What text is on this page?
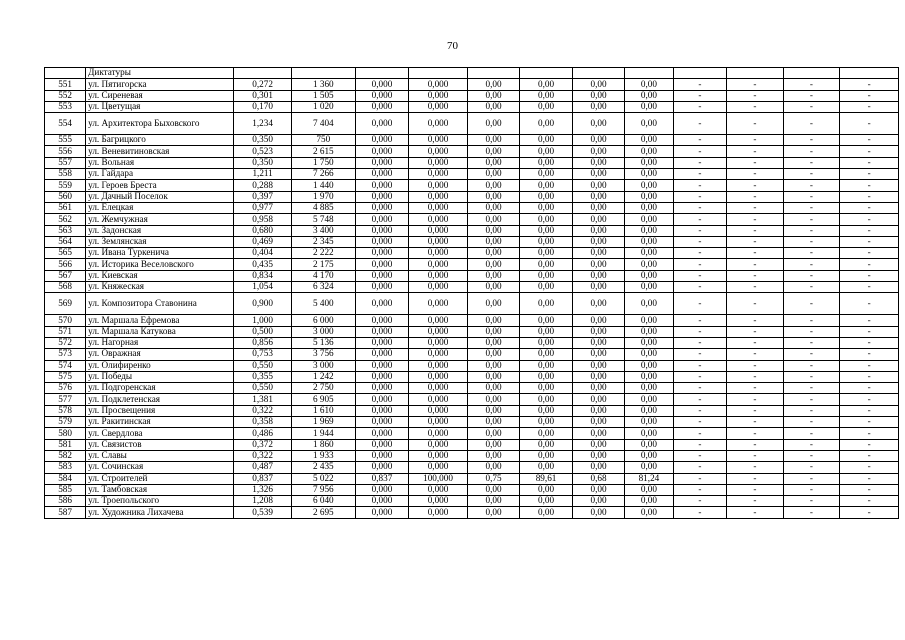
70
	Диктатуры												
551	ул. Пятигорска	0,272	1 360	0,000	0,000	0,00	0,00	0,00	0,00	-	-	-	-
552	ул. Сиреневая	0,301	1 505	0,000	0,000	0,00	0,00	0,00	0,00	-	-	-	-
553	ул. Цветущая	0,170	1 020	0,000	0,000	0,00	0,00	0,00	0,00	-	-	-	-
554	ул. Архитектора Быховского	1,234	7 404	0,000	0,000	0,00	0,00	0,00	0,00	-	-	-	-
555	ул. Багрицкого	0,350	750	0,000	0,000	0,00	0,00	0,00	0,00	-	-	-	-
556	ул. Веневитиновская	0,523	2 615	0,000	0,000	0,00	0,00	0,00	0,00	-	-	-	-
557	ул. Вольная	0,350	1 750	0,000	0,000	0,00	0,00	0,00	0,00	-	-	-	-
558	ул. Гайдара	1,211	7 266	0,000	0,000	0,00	0,00	0,00	0,00	-	-	-	-
559	ул. Героев Бреста	0,288	1 440	0,000	0,000	0,00	0,00	0,00	0,00	-	-	-	-
560	ул. Дачный Поселок	0,397	1 970	0,000	0,000	0,00	0,00	0,00	0,00	-	-	-	-
561	ул. Елецкая	0,977	4 885	0,000	0,000	0,00	0,00	0,00	0,00	-	-	-	-
562	ул. Жемчужная	0,958	5 748	0,000	0,000	0,00	0,00	0,00	0,00	-	-	-	-
563	ул. Задонская	0,680	3 400	0,000	0,000	0,00	0,00	0,00	0,00	-	-	-	-
564	ул. Землянская	0,469	2 345	0,000	0,000	0,00	0,00	0,00	0,00	-	-	-	-
565	ул. Ивана Туркенича	0,404	2 222	0,000	0,000	0,00	0,00	0,00	0,00	-	-	-	-
566	ул. Историка Веселовского	0,435	2 175	0,000	0,000	0,00	0,00	0,00	0,00	-	-	-	-
567	ул. Киевская	0,834	4 170	0,000	0,000	0,00	0,00	0,00	0,00	-	-	-	-
568	ул. Княжеская	1,054	6 324	0,000	0,000	0,00	0,00	0,00	0,00	-	-	-	-
569	ул. Композитора Ставонина	0,900	5 400	0,000	0,000	0,00	0,00	0,00	0,00	-	-	-	-
570	ул. Маршала Ефремова	1,000	6 000	0,000	0,000	0,00	0,00	0,00	0,00	-	-	-	-
571	ул. Маршала Катукова	0,500	3 000	0,000	0,000	0,00	0,00	0,00	0,00	-	-	-	-
572	ул. Нагорная	0,856	5 136	0,000	0,000	0,00	0,00	0,00	0,00	-	-	-	-
573	ул. Овражная	0,753	3 756	0,000	0,000	0,00	0,00	0,00	0,00	-	-	-	-
574	ул. Олифиренко	0,550	3 000	0,000	0,000	0,00	0,00	0,00	0,00	-	-	-	-
575	ул. Победы	0,355	1 242	0,000	0,000	0,00	0,00	0,00	0,00	-	-	-	-
576	ул. Подгоренская	0,550	2 750	0,000	0,000	0,00	0,00	0,00	0,00	-	-	-	-
577	ул. Подклетенская	1,381	6 905	0,000	0,000	0,00	0,00	0,00	0,00	-	-	-	-
578	ул. Просвещения	0,322	1 610	0,000	0,000	0,00	0,00	0,00	0,00	-	-	-	-
579	ул. Ракитинская	0,358	1 969	0,000	0,000	0,00	0,00	0,00	0,00	-	-	-	-
580	ул. Свердлова	0,486	1 944	0,000	0,000	0,00	0,00	0,00	0,00	-	-	-	-
581	ул. Связистов	0,372	1 860	0,000	0,000	0,00	0,00	0,00	0,00	-	-	-	-
582	ул. Славы	0,322	1 933	0,000	0,000	0,00	0,00	0,00	0,00	-	-	-	-
583	ул. Сочинская	0,487	2 435	0,000	0,000	0,00	0,00	0,00	0,00	-	-	-	-
584	ул. Строителей	0,837	5 022	0,837	100,000	0,75	89,61	0,68	81,24	-	-	-	-
585	ул. Тамбовская	1,326	7 956	0,000	0,000	0,00	0,00	0,00	0,00	-	-	-	-
586	ул. Троепольского	1,208	6 040	0,000	0,000	0,00	0,00	0,00	0,00	-	-	-	-
587	ул. Художника Лихачева	0,539	2 695	0,000	0,000	0,00	0,00	0,00	0,00	-	-	-	-
